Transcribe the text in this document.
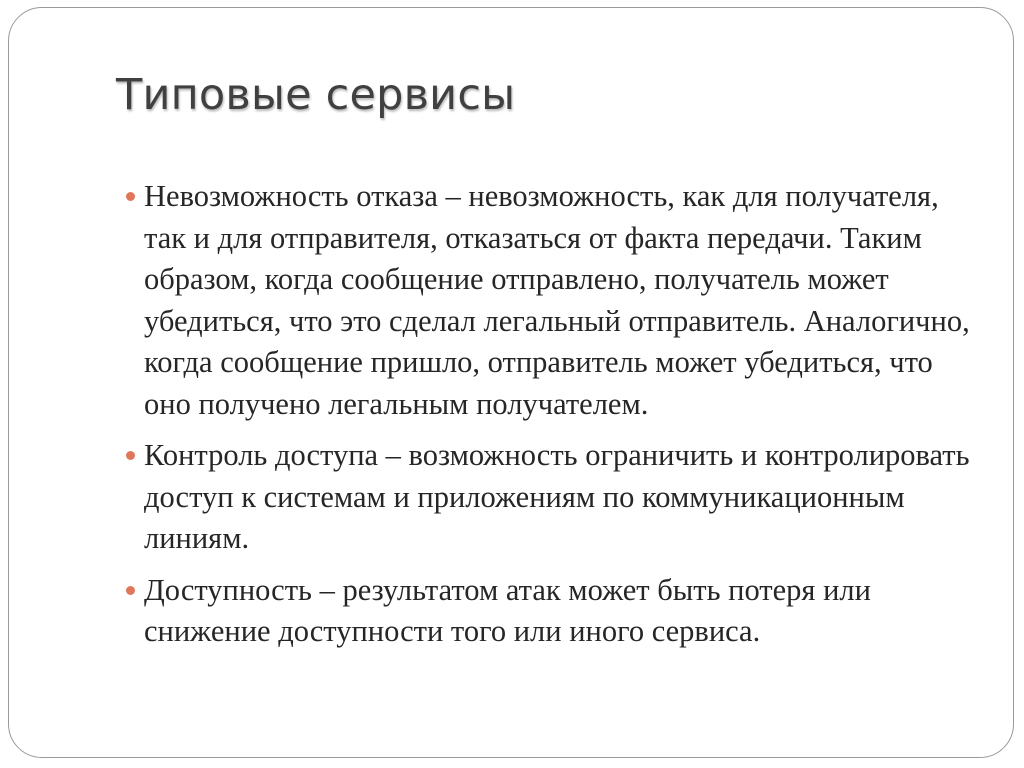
Типовые сервисы
Невозможность отказа – невозможность, как для получателя, так и для отправителя, отказаться от факта передачи. Таким образом, когда сообщение отправлено, получатель может убедиться, что это сделал легальный отправитель. Аналогично, когда сообщение пришло, отправитель может убедиться, что оно получено легальным получателем.
Контроль доступа – возможность ограничить и контролировать доступ к системам и приложениям по коммуникационным линиям.
Доступность – результатом атак может быть потеря или снижение доступности того или иного сервиса.
